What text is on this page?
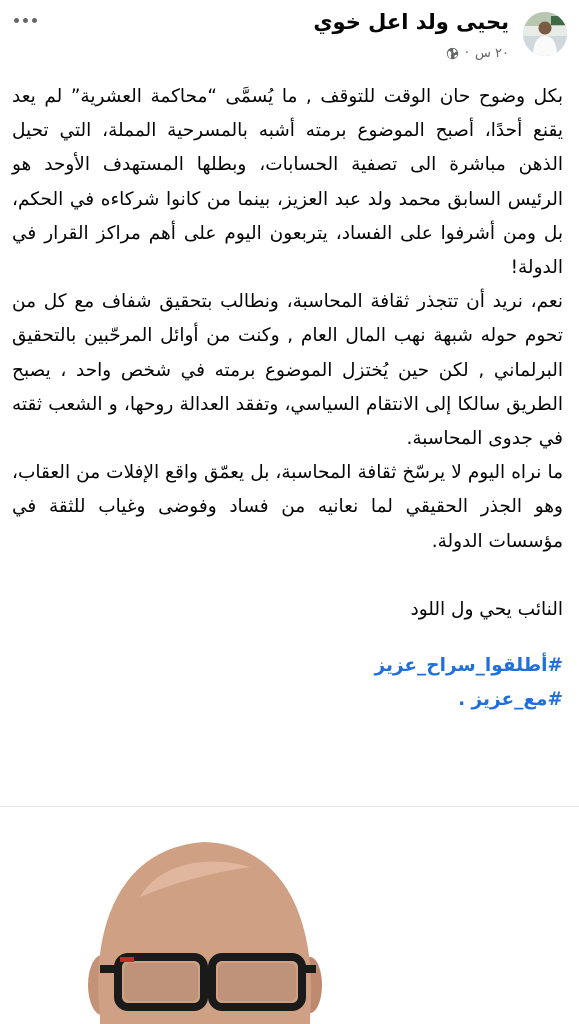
يحيى ولد اعل خوي
٢٠ س
·

بكل وضوح حان الوقت للتوقف , ما يُسمَّى “محاكمة العشرية” لم يعد يقنع أحدًا، أصبح الموضوع برمته أشبه بالمسرحية المملة، التي تحيل الذهن مباشرة الى تصفية الحسابات، وبطلها المستهدف الأوحد هو الرئيس السابق محمد ولد عبد العزيز، بينما من كانوا شركاءه في الحكم، بل ومن أشرفوا على الفساد، يتربعون اليوم على أهم مراكز القرار في الدولة!

نعم، نريد أن تتجذر ثقافة المحاسبة، ونطالب بتحقيق شفاف مع كل من تحوم حوله شبهة نهب المال العام , وكنت من أوائل المرحّبين بالتحقيق البرلماني , لكن حين يُختزل الموضوع برمته في شخص واحد ، يصبح الطريق سالكا إلى الانتقام السياسي، وتفقد العدالة روحها، و الشعب ثقته في جدوى المحاسبة.

ما نراه اليوم لا يرسّخ ثقافة المحاسبة، بل يعمّق واقع الإفلات من العقاب، وهو الجذر الحقيقي لما نعانيه من فساد وفوضى وغياب للثقة في مؤسسات الدولة.

النائب يحي ول اللود

#أطلقوا_سراح_عزيز
#مع_عزيز .
